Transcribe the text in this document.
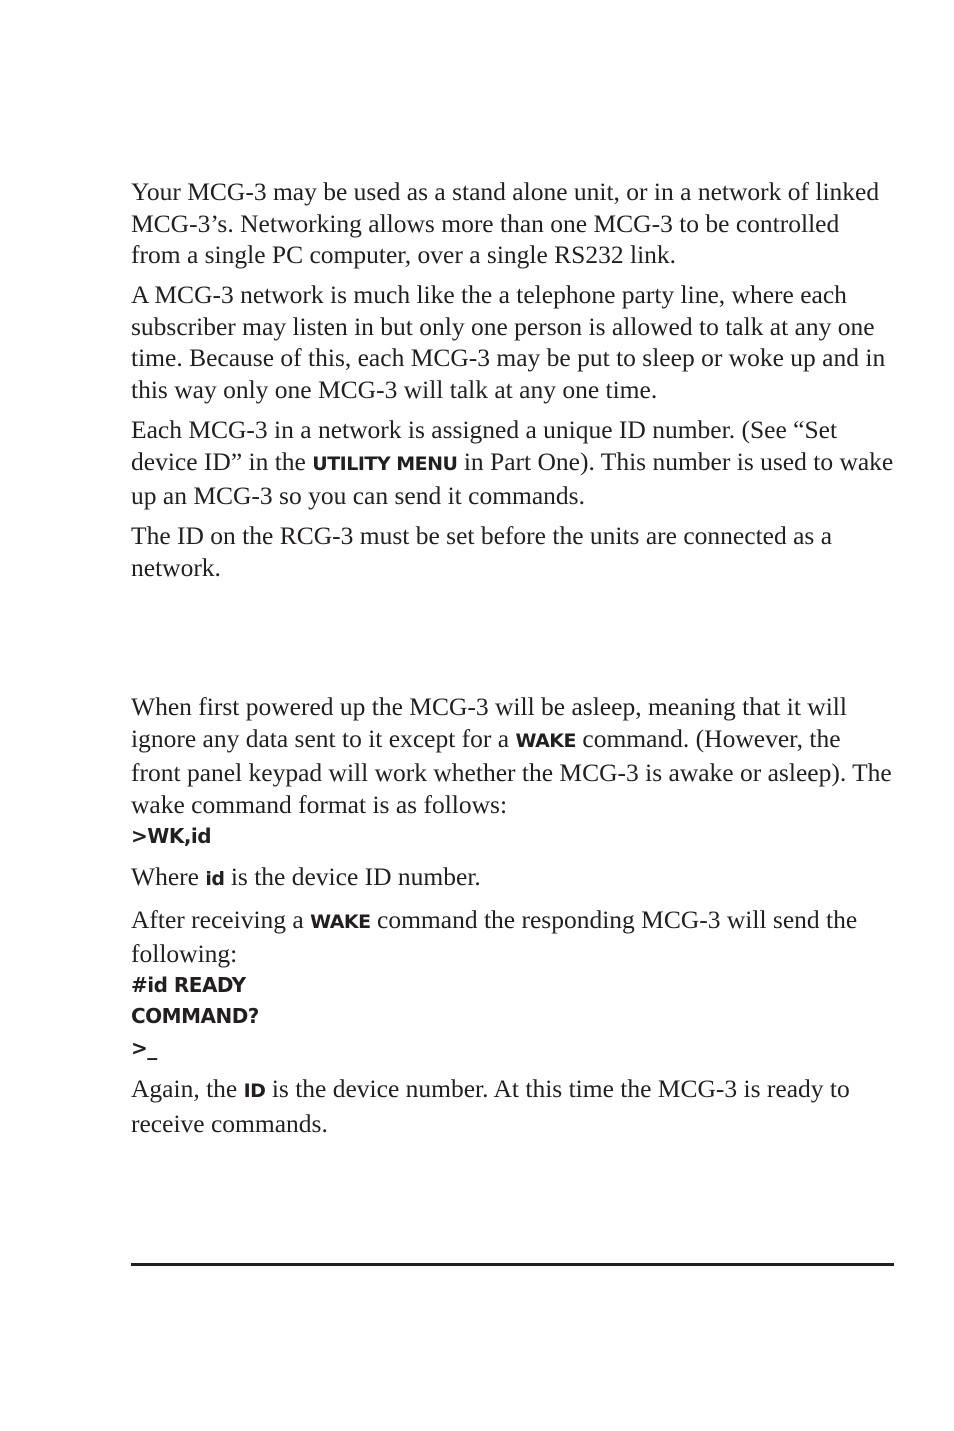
Your MCG-3 may be used as a stand alone unit, or in a network of linked MCG-3’s. Networking allows more than one MCG-3 to be controlled from a single PC computer, over a single RS232 link.

A MCG-3 network is much like the a telephone party line, where each subscriber may listen in but only one person is allowed to talk at any one time. Because of this, each MCG-3 may be put to sleep or woke up and in this way only one MCG-3 will talk at any one time.

Each MCG-3 in a network is assigned a unique ID number. (See “Set device ID” in the UTILITY MENU in Part One). This number is used to wake up an MCG-3 so you can send it commands.

The ID on the RCG-3 must be set before the units are connected as a network.

When first powered up the MCG-3 will be asleep, meaning that it will ignore any data sent to it except for a WAKE command. (However, the front panel keypad will work whether the MCG-3 is awake or asleep). The wake command format is as follows:

>WK,id

Where id is the device ID number.

After receiving a WAKE command the responding MCG-3 will send the following:

#id READY
COMMAND?
>_

Again, the ID is the device number. At this time the MCG-3 is ready to receive commands.
